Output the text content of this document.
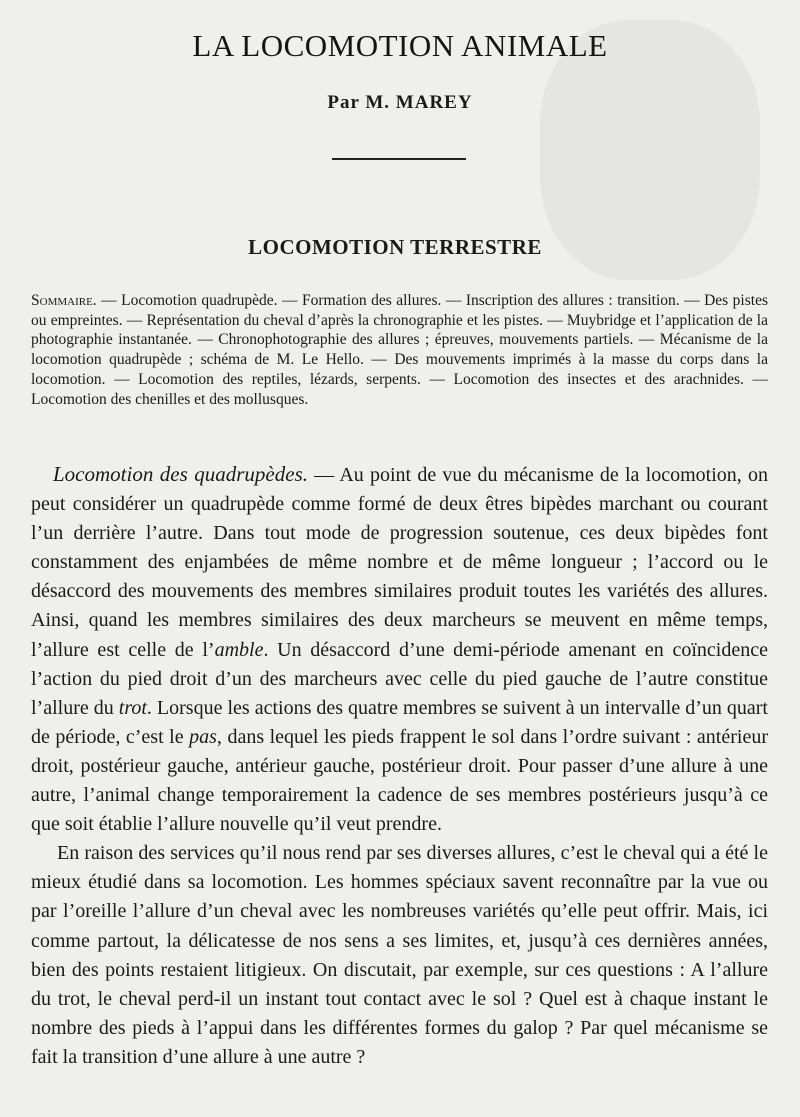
LA LOCOMOTION ANIMALE
Par M. MAREY
LOCOMOTION TERRESTRE
Sommaire. — Locomotion quadrupède. — Formation des allures. — Inscription des allures : transition. — Des pistes ou empreintes. — Représentation du cheval d’après la chronographie et les pistes. — Muybridge et l’application de la photographie instantanée. — Chronophotographie des allures ; épreuves, mouvements partiels. — Mécanisme de la locomotion quadrupède ; schéma de M. Le Hello. — Des mouvements imprimés à la masse du corps dans la locomotion. — Locomotion des reptiles, lézards, serpents. — Locomotion des insectes et des arachnides. — Locomotion des chenilles et des mollusques.

Locomotion des quadrupèdes. — Au point de vue du mécanisme de la locomotion, on peut considérer un quadrupède comme formé de deux êtres bipèdes marchant ou courant l’un derrière l’autre. Dans tout mode de progression soutenue, ces deux bipèdes font constamment des enjambées de même nombre et de même longueur ; l’accord ou le désaccord des mouvements des membres similaires produit toutes les variétés des allures. Ainsi, quand les membres similaires des deux marcheurs se meuvent en même temps, l’allure est celle de l’amble. Un désaccord d’une demi-période amenant en coïncidence l’action du pied droit d’un des marcheurs avec celle du pied gauche de l’autre constitue l’allure du trot. Lorsque les actions des quatre membres se suivent à un intervalle d’un quart de période, c’est le pas, dans lequel les pieds frappent le sol dans l’ordre suivant : antérieur droit, postérieur gauche, antérieur gauche, postérieur droit. Pour passer d’une allure à une autre, l’animal change temporairement la cadence de ses membres postérieurs jusqu’à ce que soit établie l’allure nouvelle qu’il veut prendre.

En raison des services qu’il nous rend par ses diverses allures, c’est le cheval qui a été le mieux étudié dans sa locomotion. Les hommes spéciaux savent reconnaître par la vue ou par l’oreille l’allure d’un cheval avec les nombreuses variétés qu’elle peut offrir. Mais, ici comme partout, la délicatesse de nos sens a ses limites, et, jusqu’à ces dernières années, bien des points restaient litigieux. On discutait, par exemple, sur ces questions : A l’allure du trot, le cheval perd-il un instant tout contact avec le sol ? Quel est à chaque instant le nombre des pieds à l’appui dans les différentes formes du galop ? Par quel mécanisme se fait la transition d’une allure à une autre ?
